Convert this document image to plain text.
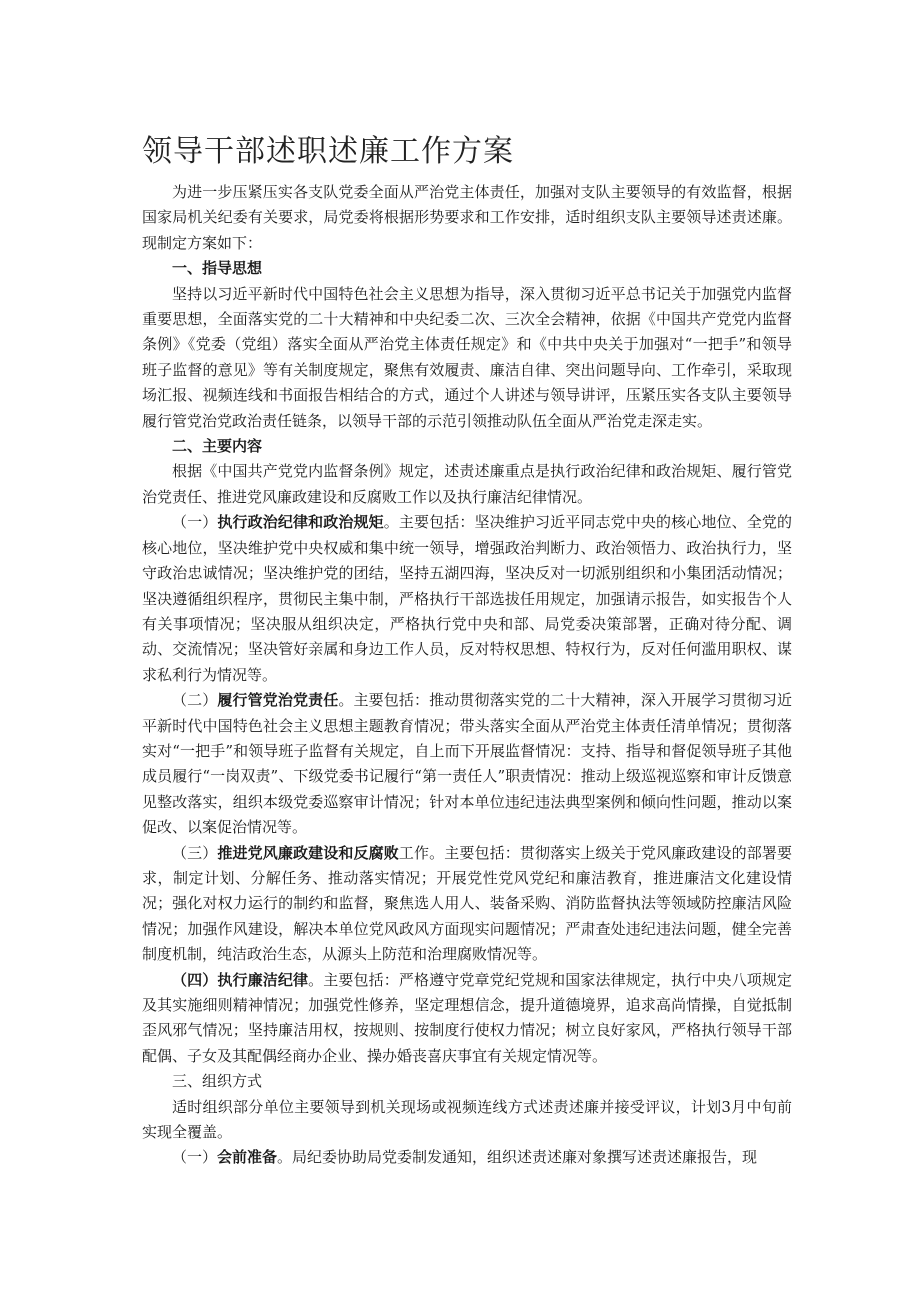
领导干部述职述廉工作方案

为进一步压紧压实各支队党委全面从严治党主体责任，加强对支队主要领导的有效监督，根据国家局机关纪委有关要求，局党委将根据形势要求和工作安排，适时组织支队主要领导述责述廉。现制定方案如下：

一、指导思想

坚持以习近平新时代中国特色社会主义思想为指导，深入贯彻习近平总书记关于加强党内监督重要思想，全面落实党的二十大精神和中央纪委二次、三次全会精神，依据《中国共产党党内监督条例》《党委（党组）落实全面从严治党主体责任规定》和《中共中央关于加强对“一把手”和领导班子监督的意见》等有关制度规定，聚焦有效履责、廉洁自律、突出问题导向、工作牵引，采取现场汇报、视频连线和书面报告相结合的方式，通过个人讲述与领导讲评，压紧压实各支队主要领导履行管党治党政治责任链条，以领导干部的示范引领推动队伍全面从严治党走深走实。

二、主要内容

根据《中国共产党党内监督条例》规定，述责述廉重点是执行政治纪律和政治规矩、履行管党治党责任、推进党风廉政建设和反腐败工作以及执行廉洁纪律情况。

（一）执行政治纪律和政治规矩。主要包括：坚决维护习近平同志党中央的核心地位、全党的核心地位，坚决维护党中央权威和集中统一领导，增强政治判断力、政治领悟力、政治执行力，坚守政治忠诚情况；坚决维护党的团结，坚持五湖四海，坚决反对一切派别组织和小集团活动情况；坚决遵循组织程序，贯彻民主集中制，严格执行干部选拔任用规定，加强请示报告，如实报告个人有关事项情况；坚决服从组织决定，严格执行党中央和部、局党委决策部署，正确对待分配、调动、交流情况；坚决管好亲属和身边工作人员，反对特权思想、特权行为，反对任何滥用职权、谋求私利行为情况等。

（二）履行管党治党责任。主要包括：推动贯彻落实党的二十大精神，深入开展学习贯彻习近平新时代中国特色社会主义思想主题教育情况；带头落实全面从严治党主体责任清单情况；贯彻落实对“一把手”和领导班子监督有关规定，自上而下开展监督情况：支持、指导和督促领导班子其他成员履行“一岗双责”、下级党委书记履行“第一责任人”职责情况：推动上级巡视巡察和审计反馈意见整改落实，组织本级党委巡察审计情况；针对本单位违纪违法典型案例和倾向性问题，推动以案促改、以案促治情况等。

（三）推进党风廉政建设和反腐败工作。主要包括：贯彻落实上级关于党风廉政建设的部署要求，制定计划、分解任务、推动落实情况；开展党性党风党纪和廉洁教育，推进廉洁文化建设情况；强化对权力运行的制约和监督，聚焦选人用人、装备采购、消防监督执法等领域防控廉洁风险情况；加强作风建设，解决本单位党风政风方面现实问题情况；严肃查处违纪违法问题，健全完善制度机制，纯洁政治生态，从源头上防范和治理腐败情况等。

（四）执行廉洁纪律。主要包括：严格遵守党章党纪党规和国家法律规定，执行中央八项规定及其实施细则精神情况；加强党性修养，坚定理想信念，提升道德境界，追求高尚情操，自觉抵制歪风邪气情况；坚持廉洁用权，按规则、按制度行使权力情况；树立良好家风，严格执行领导干部配偶、子女及其配偶经商办企业、操办婚丧喜庆事宜有关规定情况等。

三、组织方式

适时组织部分单位主要领导到机关现场或视频连线方式述责述廉并接受评议，计划3月中旬前实现全覆盖。

（一）会前准备。局纪委协助局党委制发通知，组织述责述廉对象撰写述责述廉报告，现
